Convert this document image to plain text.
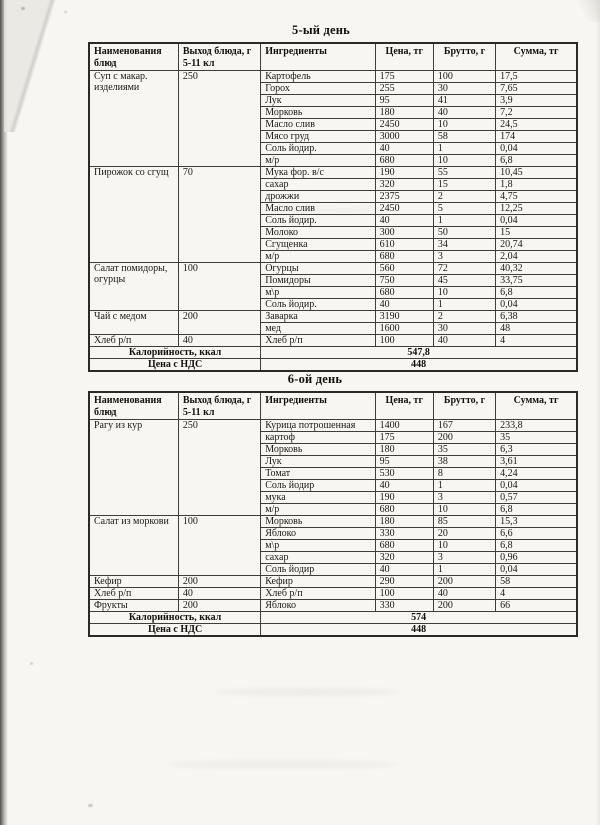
5-ый день
Наименования блюд	Выход блюда, г 5-11 кл	Ингредиенты	Цена, тг	Брутто, г	Сумма, тг
Суп с макар. изделиями	250	Картофель	175	100	17,5
		Горох	255	30	7,65
		Лук	95	41	3,9
		Морковь	180	40	7,2
		Масло слив	2450	10	24,5
		Мясо груд	3000	58	174
		Соль йодир.	40	1	0,04
		м/р	680	10	6,8
Пирожок со сгущ	70	Мука фор. в/с	190	55	10,45
		сахар	320	15	1,8
		дрожжи	2375	2	4,75
		Масло слив	2450	5	12,25
		Соль йодир.	40	1	0,04
		Молоко	300	50	15
		Сгущенка	610	34	20,74
		м/р	680	3	2,04
Салат помидоры, огурцы	100	Огурцы	560	72	40,32
		Помидоры	750	45	33,75
		м\р	680	10	6,8
		Соль йодир.	40	1	0,04
Чай с медом	200	Заварка	3190	2	6,38
		мед	1600	30	48
Хлеб р/п	40	Хлеб р/п	100	40	4
Калорийность, ккал		547,8			
Цена с НДС		448			
6-ой день
Наименования блюд	Выход блюда, г 5-11 кл	Ингредиенты	Цена, тг	Брутто, г	Сумма, тг
Рагу из кур	250	Курица потрошенная	1400	167	233,8
		картоф	175	200	35
		Морковь	180	35	6,3
		Лук	95	38	3,61
		Томат	530	8	4,24
		Соль йодир	40	1	0,04
		мука	190	3	0,57
		м/р	680	10	6,8
Салат из моркови	100	Морковь	180	85	15,3
		Яблоко	330	20	6,6
		м\р	680	10	6,8
		сахар	320	3	0,96
		Соль йодир	40	1	0,04
Кефир	200	Кефир	290	200	58
Хлеб р/п	40	Хлеб р/п	100	40	4
Фрукты	200	Яблоко	330	200	66
Калорийность, ккал		574			
Цена с НДС		448			
